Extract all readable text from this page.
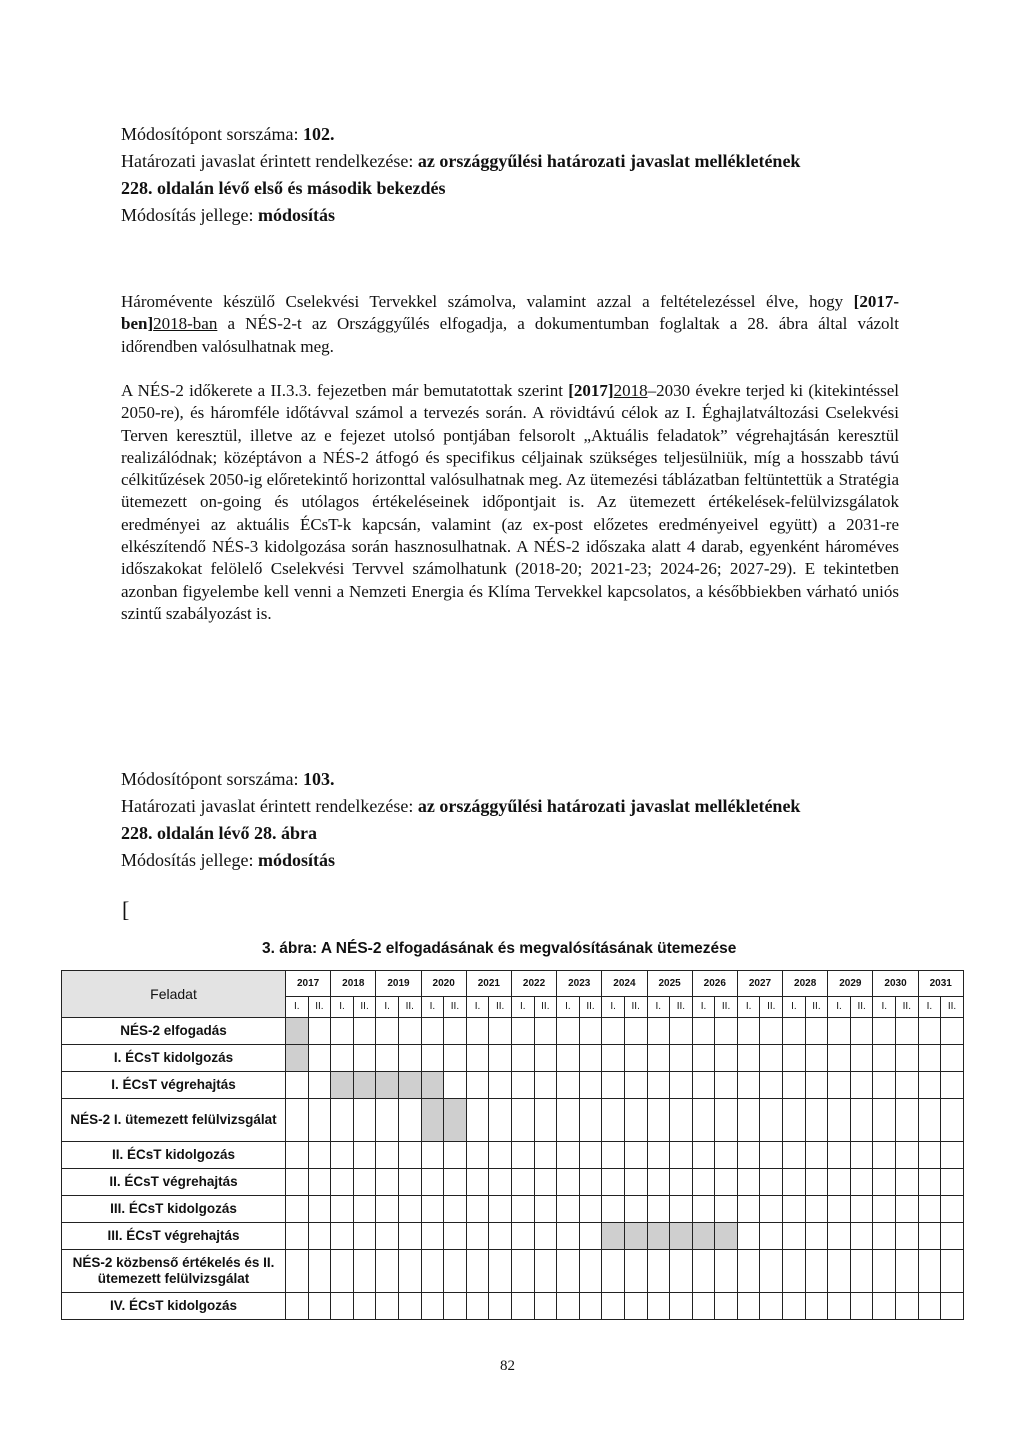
Módosítópont sorszáma: 102.

Határozati javaslat érintett rendelkezése: az országgyűlési határozati javaslat mellékletének

228. oldalán lévő első és második bekezdés

Módosítás jellege: módosítás

Háromévente készülő Cselekvési Tervekkel számolva, valamint azzal a feltételezéssel élve, hogy [2017-ben]2018-ban a NÉS-2-t az Országgyűlés elfogadja, a dokumentumban foglaltak a 28. ábra által vázolt időrendben valósulhatnak meg.

A NÉS-2 időkerete a II.3.3. fejezetben már bemutatottak szerint [2017]2018–2030 évekre terjed ki (kitekintéssel 2050-re), és háromféle időtávval számol a tervezés során. A rövidtávú célok az I. Éghajlatváltozási Cselekvési Terven keresztül, illetve az e fejezet utolsó pontjában felsorolt „Aktuális feladatok” végrehajtásán keresztül realizálódnak; középtávon a NÉS-2 átfogó és specifikus céljainak szükséges teljesülniük, míg a hosszabb távú célkitűzések 2050-ig előretekintő horizonttal valósulhatnak meg. Az ütemezési táblázatban feltüntettük a Stratégia ütemezett on-going és utólagos értékeléseinek időpontjait is. Az ütemezett értékelések-felülvizsgálatok eredményei az aktuális ÉCsT-k kapcsán, valamint (az ex-post előzetes eredményeivel együtt) a 2031-re elkészítendő NÉS-3 kidolgozása során hasznosulhatnak. A NÉS-2 időszaka alatt 4 darab, egyenként hároméves időszakokat felölelő Cselekvési Tervvel számolhatunk (2018-20; 2021-23; 2024-26; 2027-29). E tekintetben azonban figyelembe kell venni a Nemzeti Energia és Klíma Tervekkel kapcsolatos, a későbbiekben várható uniós szintű szabályozást is.

Módosítópont sorszáma: 103.

Határozati javaslat érintett rendelkezése: az országgyűlési határozati javaslat mellékletének

228. oldalán lévő 28. ábra

Módosítás jellege: módosítás

[
3. ábra: A NÉS-2 elfogadásának és megvalósításának ütemezése
Feladat	2017		2018		2019		2020		2021		2022		2023		2024		2025		2026		2027		2028		2029		2030		2031	
	I.	II.	I.	II.	I.	II.	I.	II.	I.	II.	I.	II.	I.	II.	I.	II.	I.	II.	I.	II.	I.	II.	I.	II.	I.	II.	I.	II.	I.	II.
NÉS-2 elfogadás																														
I. ÉCsT kidolgozás																														
I. ÉCsT végrehajtás																														
NÉS-2 I. ütemezett felülvizsgálat																														
II. ÉCsT kidolgozás																														
II. ÉCsT végrehajtás																														
III. ÉCsT kidolgozás																														
III. ÉCsT végrehajtás																														
NÉS-2 közbenső értékelés és II. ütemezett felülvizsgálat																														
IV. ÉCsT kidolgozás																														
82
